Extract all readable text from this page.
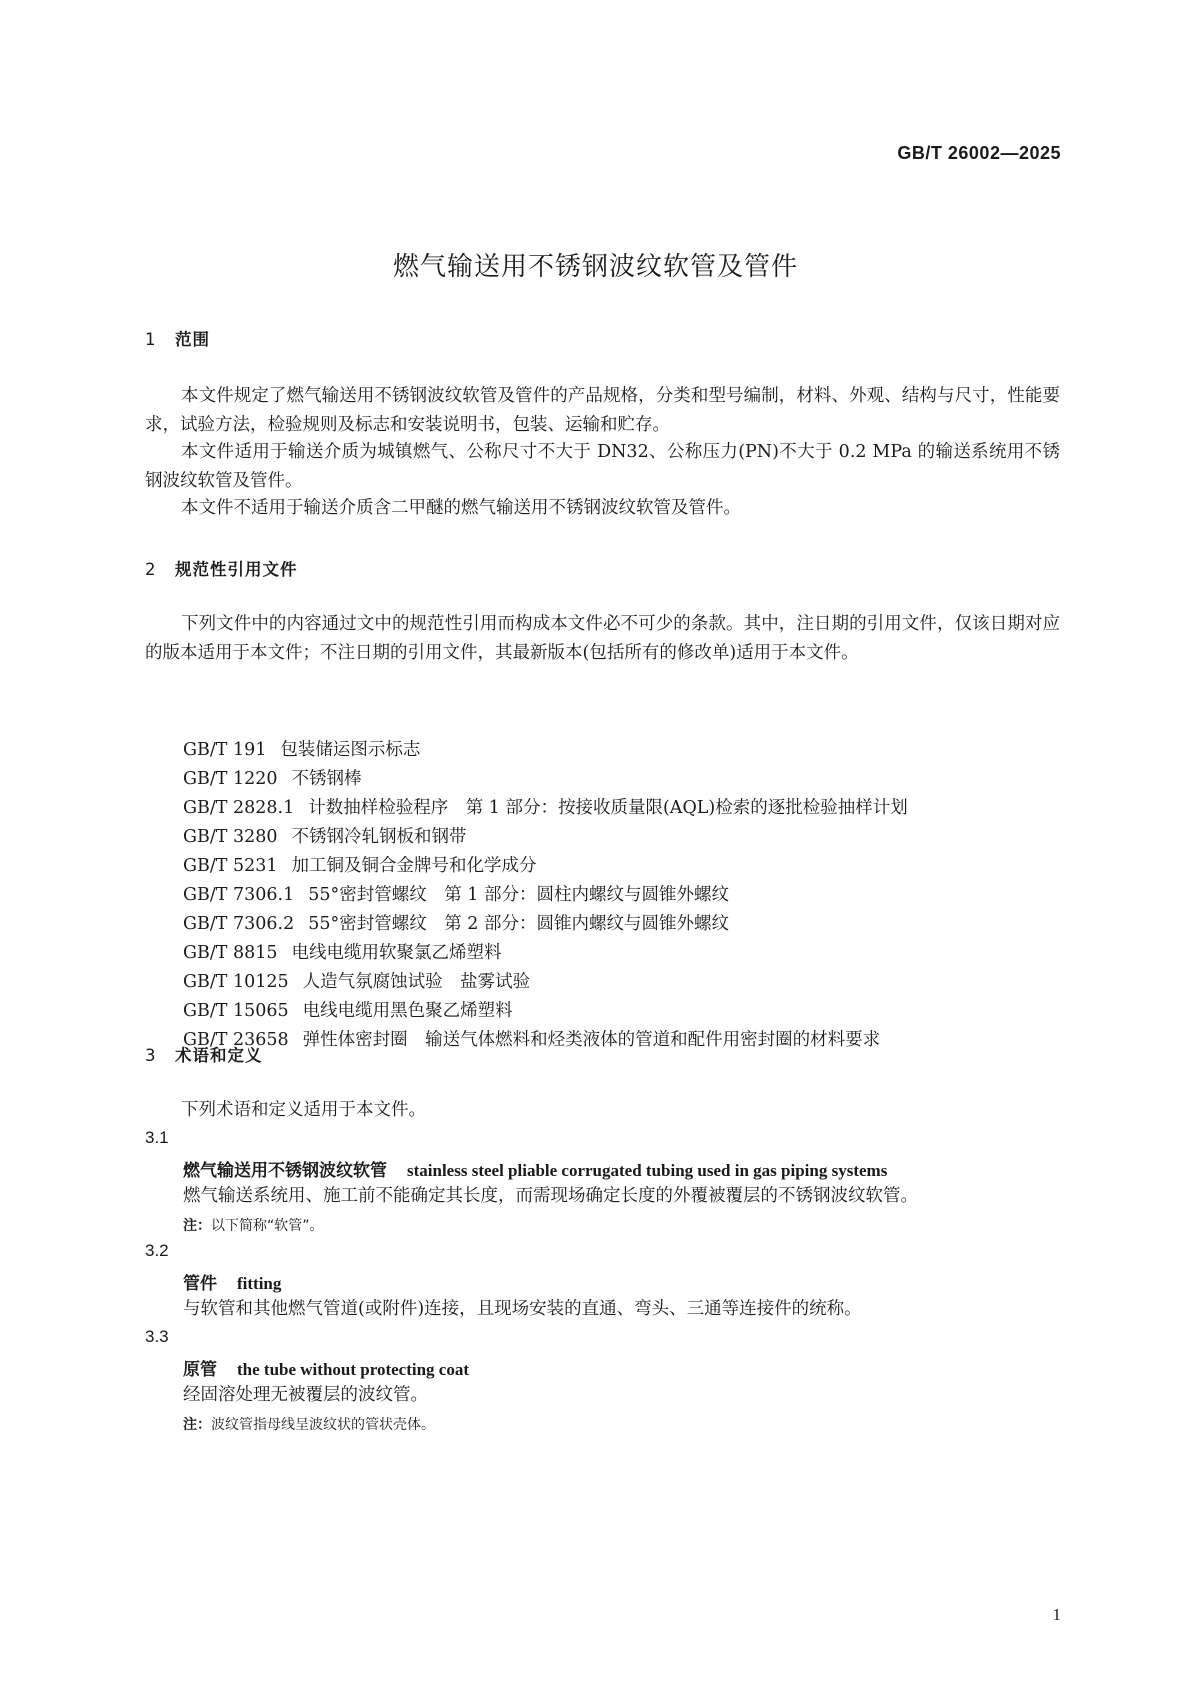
GB/T 26002—2025
燃气输送用不锈钢波纹软管及管件
1 范围

本文件规定了燃气输送用不锈钢波纹软管及管件的产品规格，分类和型号编制，材料、外观、结构与尺寸，性能要求，试验方法，检验规则及标志和安装说明书，包装、运输和贮存。

本文件适用于输送介质为城镇燃气、公称尺寸不大于 DN32、公称压力(PN)不大于 0.2 MPa 的输送系统用不锈钢波纹软管及管件。

本文件不适用于输送介质含二甲醚的燃气输送用不锈钢波纹软管及管件。

2 规范性引用文件

下列文件中的内容通过文中的规范性引用而构成本文件必不可少的条款。其中，注日期的引用文件，仅该日期对应的版本适用于本文件；不注日期的引用文件，其最新版本(包括所有的修改单)适用于本文件。

GB/T 191 包装储运图示标志
GB/T 1220 不锈钢棒
GB/T 2828.1 计数抽样检验程序　第 1 部分：按接收质量限(AQL)检索的逐批检验抽样计划
GB/T 3280 不锈钢冷轧钢板和钢带
GB/T 5231 加工铜及铜合金牌号和化学成分
GB/T 7306.1 55°密封管螺纹　第 1 部分：圆柱内螺纹与圆锥外螺纹
GB/T 7306.2 55°密封管螺纹　第 2 部分：圆锥内螺纹与圆锥外螺纹
GB/T 8815 电线电缆用软聚氯乙烯塑料
GB/T 10125 人造气氛腐蚀试验　盐雾试验
GB/T 15065 电线电缆用黑色聚乙烯塑料
GB/T 23658 弹性体密封圈　输送气体燃料和烃类液体的管道和配件用密封圈的材料要求
3 术语和定义

下列术语和定义适用于本文件。

3.1
燃气输送用不锈钢波纹软管 stainless steel pliable corrugated tubing used in gas piping systems
燃气输送系统用、施工前不能确定其长度，而需现场确定长度的外覆被覆层的不锈钢波纹软管。
注：以下简称“软管”。
3.2
管件 fitting
与软管和其他燃气管道(或附件)连接，且现场安装的直通、弯头、三通等连接件的统称。
3.3
原管 the tube without protecting coat
经固溶处理无被覆层的波纹管。
注：波纹管指母线呈波纹状的管状壳体。
1
